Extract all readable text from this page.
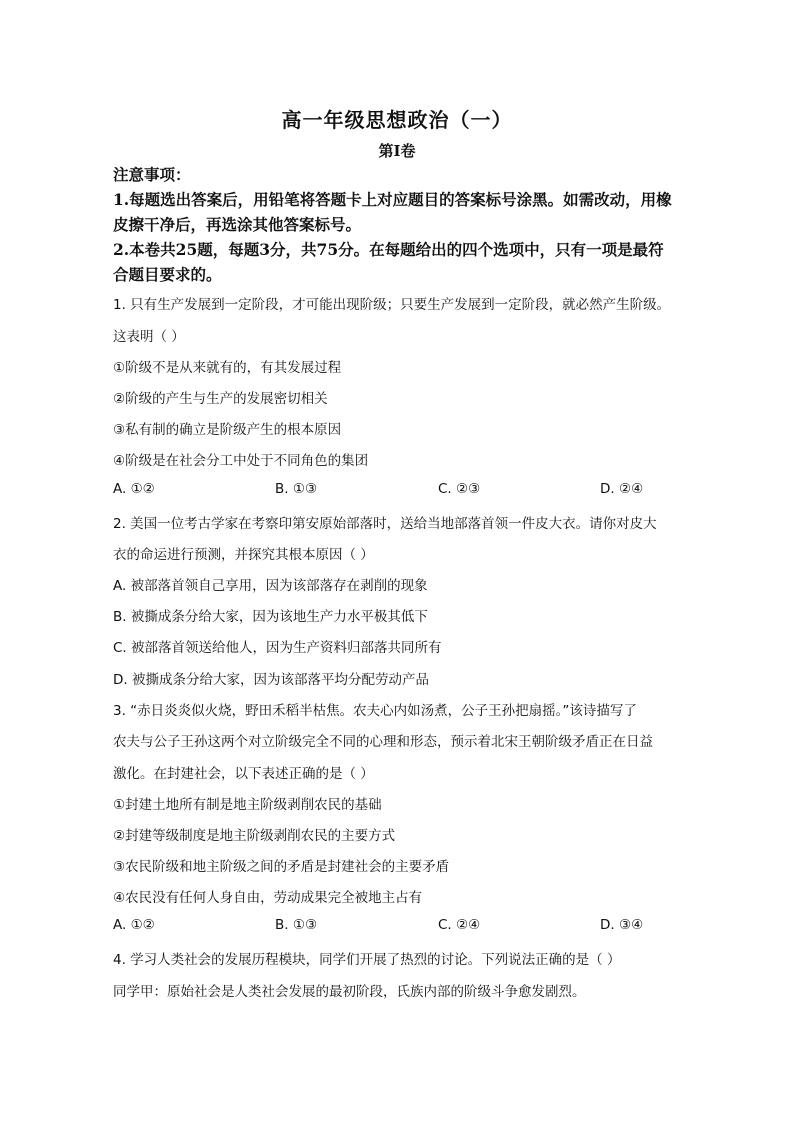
高一年级思想政治（一）
第Ⅰ卷
注意事项：
1.每题选出答案后，用铅笔将答题卡上对应题目的答案标号涂黑。如需改动，用橡
皮擦干净后，再选涂其他答案标号。
2.本卷共25题，每题3分，共75分。在每题给出的四个选项中，只有一项是最符
合题目要求的。
1. 只有生产发展到一定阶段，才可能出现阶级；只要生产发展到一定阶段，就必然产生阶级。
这表明（ ）
①阶级不是从来就有的，有其发展过程
②阶级的产生与生产的发展密切相关
③私有制的确立是阶级产生的根本原因
④阶级是在社会分工中处于不同角色的集团
A. ①②	B. ①③	C. ②③	D. ②④
2. 美国一位考古学家在考察印第安原始部落时，送给当地部落首领一件皮大衣。请你对皮大
衣的命运进行预测，并探究其根本原因（ ）
A. 被部落首领自己享用，因为该部落存在剥削的现象
B. 被撕成条分给大家，因为该地生产力水平极其低下
C. 被部落首领送给他人，因为生产资料归部落共同所有
D. 被撕成条分给大家，因为该部落平均分配劳动产品
3. “赤日炎炎似火烧，野田禾稻半枯焦。农夫心内如汤煮，公子王孙把扇摇。”该诗描写了
农夫与公子王孙这两个对立阶级完全不同的心理和形态，预示着北宋王朝阶级矛盾正在日益
激化。在封建社会，以下表述正确的是（ ）
①封建土地所有制是地主阶级剥削农民的基础
②封建等级制度是地主阶级剥削农民的主要方式
③农民阶级和地主阶级之间的矛盾是封建社会的主要矛盾
④农民没有任何人身自由，劳动成果完全被地主占有
A. ①②	B. ①③	C. ②④	D. ③④
4. 学习人类社会的发展历程模块，同学们开展了热烈的讨论。下列说法正确的是（ ）
同学甲：原始社会是人类社会发展的最初阶段，氏族内部的阶级斗争愈发剧烈。
